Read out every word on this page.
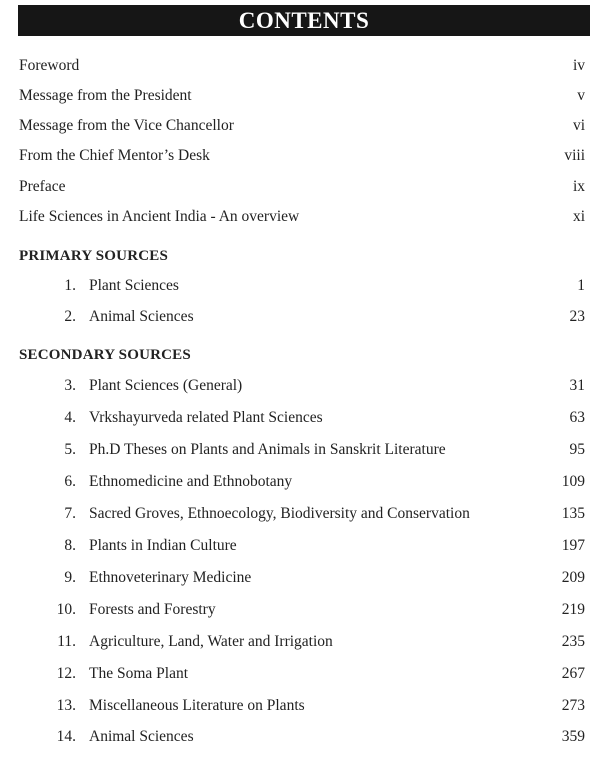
CONTENTS
Foreword	iv
Message from the President	v
Message from the Vice Chancellor	vi
From the Chief Mentor’s Desk	viii
Preface	ix
Life Sciences in Ancient India - An overview	xi
PRIMARY SOURCES
1. Plant Sciences	1
2. Animal Sciences	23
SECONDARY SOURCES
3. Plant Sciences (General)	31
4. Vrkshayurveda related Plant Sciences	63
5. Ph.D Theses on Plants and Animals in Sanskrit Literature	95
6. Ethnomedicine and Ethnobotany	109
7. Sacred Groves, Ethnoecology, Biodiversity and Conservation	135
8. Plants in Indian Culture	197
9. Ethnoveterinary Medicine	209
10. Forests and Forestry	219
11. Agriculture, Land, Water and Irrigation	235
12. The Soma Plant	267
13. Miscellaneous Literature on Plants	273
14. Animal Sciences	359
